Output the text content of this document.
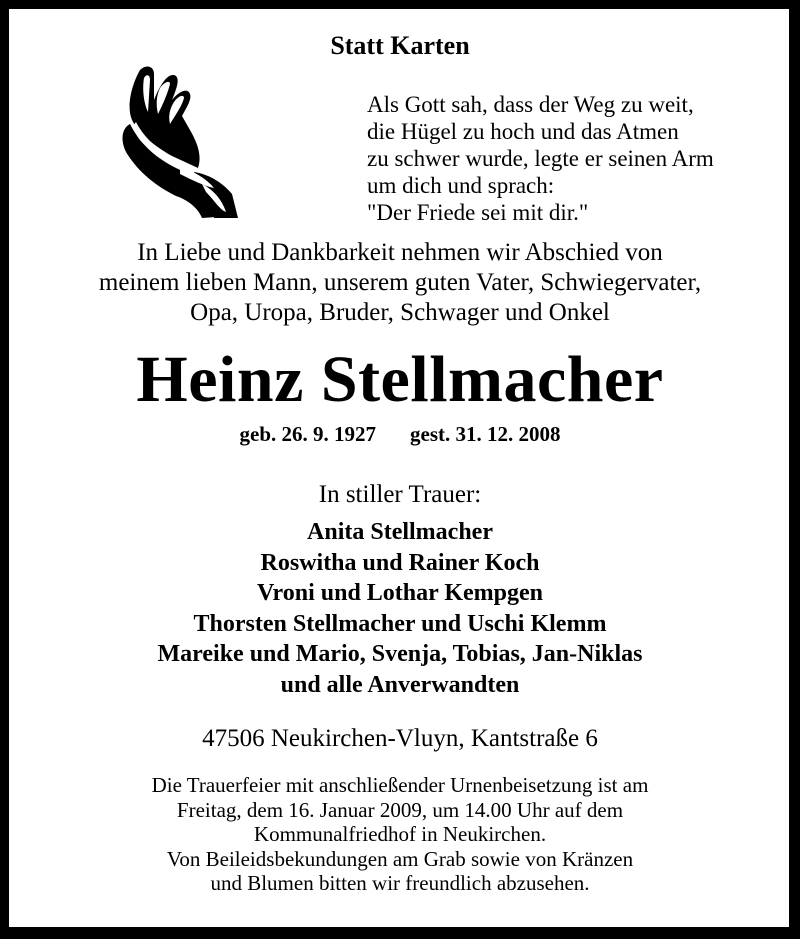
Statt Karten
Als Gott sah, dass der Weg zu weit,
die Hügel zu hoch und das Atmen
zu schwer wurde, legte er seinen Arm
um dich und sprach:
"Der Friede sei mit dir."
In Liebe und Dankbarkeit nehmen wir Abschied von
meinem lieben Mann, unserem guten Vater, Schwiegervater,
Opa, Uropa, Bruder, Schwager und Onkel
Heinz Stellmacher
geb. 26. 9. 1927 gest. 31. 12. 2008
In stiller Trauer:
Anita Stellmacher
Roswitha und Rainer Koch
Vroni und Lothar Kempgen
Thorsten Stellmacher und Uschi Klemm
Mareike und Mario, Svenja, Tobias, Jan-Niklas
und alle Anverwandten
47506 Neukirchen-Vluyn, Kantstraße 6
Die Trauerfeier mit anschließender Urnenbeisetzung ist am
Freitag, dem 16. Januar 2009, um 14.00 Uhr auf dem
Kommunalfriedhof in Neukirchen.
Von Beileidsbekundungen am Grab sowie von Kränzen
und Blumen bitten wir freundlich abzusehen.
